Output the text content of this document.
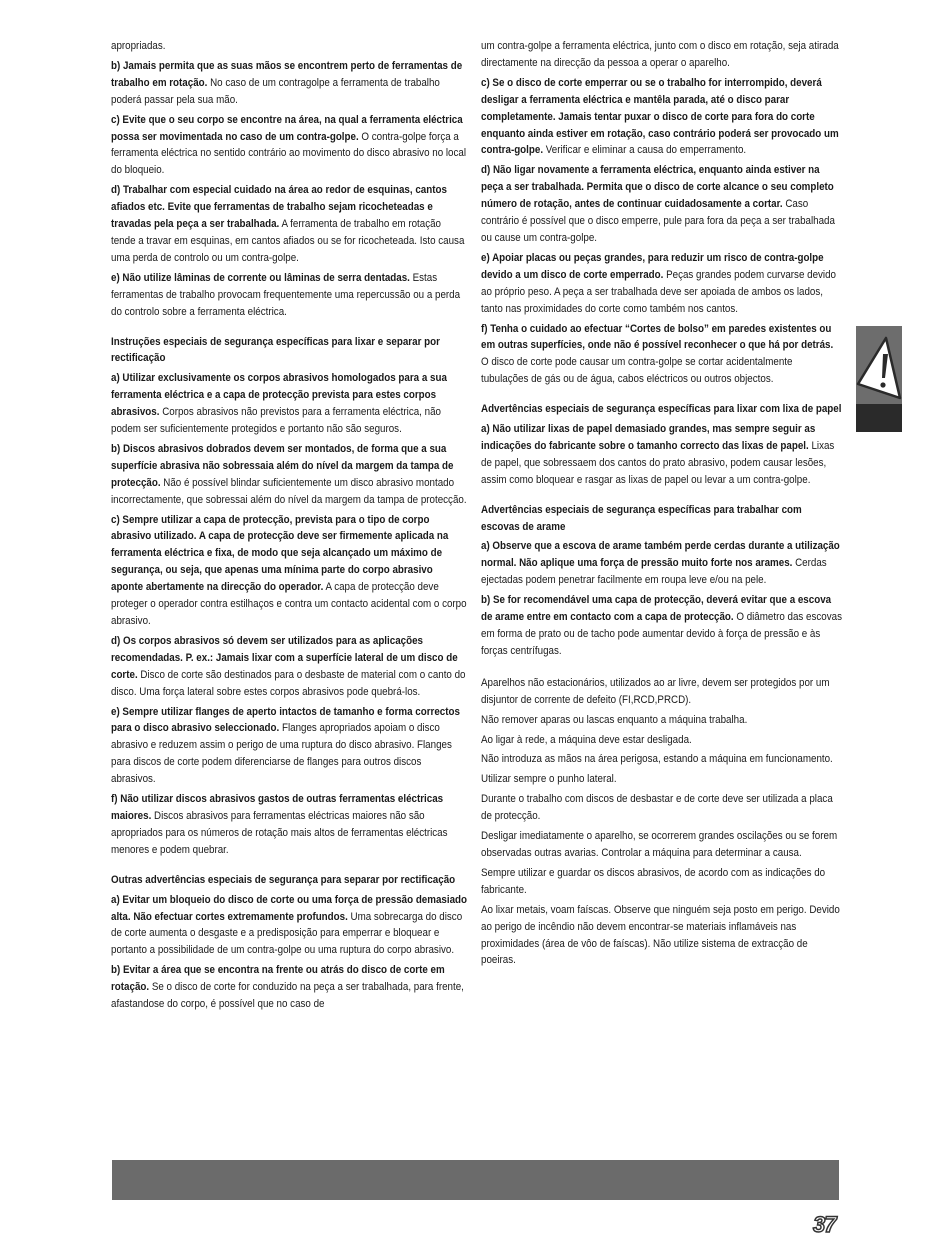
apropriadas.

b) Jamais permita que as suas mãos se encontrem perto de ferramentas de trabalho em rotação. No caso de um contragolpe a ferramenta de trabalho poderá passar pela sua mão.

c) Evite que o seu corpo se encontre na área, na qual a ferramenta eléctrica possa ser movimentada no caso de um contra-golpe. O contra-golpe força a ferramenta eléctrica no sentido contrário ao movimento do disco abrasivo no local do bloqueio.

d) Trabalhar com especial cuidado na área ao redor de esquinas, cantos afiados etc. Evite que ferramentas de trabalho sejam ricocheteadas e travadas pela peça a ser trabalhada. A ferramenta de trabalho em rotação tende a travar em esquinas, em cantos afiados ou se for ricocheteada. Isto causa uma perda de controlo ou um contra-golpe.

e) Não utilize lâminas de corrente ou lâminas de serra dentadas. Estas ferramentas de trabalho provocam frequentemente uma repercussão ou a perda do controlo sobre a ferramenta eléctrica.

Instruções especiais de segurança específicas para lixar e separar por rectificação

a) Utilizar exclusivamente os corpos abrasivos homologados para a sua ferramenta eléctrica e a capa de protecção prevista para estes corpos abrasivos. Corpos abrasivos não previstos para a ferramenta eléctrica, não podem ser suficientemente protegidos e portanto não são seguros.

b) Discos abrasivos dobrados devem ser montados, de forma que a sua superfície abrasiva não sobressaia além do nível da margem da tampa de protecção. Não é possível blindar suficientemente um disco abrasivo montado incorrectamente, que sobressai além do nível da margem da tampa de protecção.

c) Sempre utilizar a capa de protecção, prevista para o tipo de corpo abrasivo utilizado. A capa de protecção deve ser firmemente aplicada na ferramenta eléctrica e fixa, de modo que seja alcançado um máximo de segurança, ou seja, que apenas uma mínima parte do corpo abrasivo aponte abertamente na direcção do operador. A capa de protecção deve proteger o operador contra estilhaços e contra um contacto acidental com o corpo abrasivo.

d) Os corpos abrasivos só devem ser utilizados para as aplicações recomendadas. P. ex.: Jamais lixar com a superfície lateral de um disco de corte. Disco de corte são destinados para o desbaste de material com o canto do disco. Uma força lateral sobre estes corpos abrasivos pode quebrá-los.

e) Sempre utilizar flanges de aperto intactos de tamanho e forma correctos para o disco abrasivo seleccionado. Flanges apropriados apoiam o disco abrasivo e reduzem assim o perigo de uma ruptura do disco abrasivo. Flanges para discos de corte podem diferenciarse de flanges para outros discos abrasivos.

f) Não utilizar discos abrasivos gastos de outras ferramentas eléctricas maiores. Discos abrasivos para ferramentas eléctricas maiores não são apropriados para os números de rotação mais altos de ferramentas eléctricas menores e podem quebrar.

Outras advertências especiais de segurança para separar por rectificação

a) Evitar um bloqueio do disco de corte ou uma força de pressão demasiado alta. Não efectuar cortes extremamente profundos. Uma sobrecarga do disco de corte aumenta o desgaste e a predisposição para emperrar e bloquear e portanto a possibilidade de um contra-golpe ou uma ruptura do corpo abrasivo.

b) Evitar a área que se encontra na frente ou atrás do disco de corte em rotação. Se o disco de corte for conduzido na peça a ser trabalhada, para frente, afastandose do corpo, é possível que no caso de

um contra-golpe a ferramenta eléctrica, junto com o disco em rotação, seja atirada directamente na direcção da pessoa a operar o aparelho.

c) Se o disco de corte emperrar ou se o trabalho for interrompido, deverá desligar a ferramenta eléctrica e mantêla parada, até o disco parar completamente. Jamais tentar puxar o disco de corte para fora do corte enquanto ainda estiver em rotação, caso contrário poderá ser provocado um contra-golpe. Verificar e eliminar a causa do emperramento.

d) Não ligar novamente a ferramenta eléctrica, enquanto ainda estiver na peça a ser trabalhada. Permita que o disco de corte alcance o seu completo número de rotação, antes de continuar cuidadosamente a cortar. Caso contrário é possível que o disco emperre, pule para fora da peça a ser trabalhada ou cause um contra-golpe.

e) Apoiar placas ou peças grandes, para reduzir um risco de contra-golpe devido a um disco de corte emperrado. Peças grandes podem curvarse devido ao próprio peso. A peça a ser trabalhada deve ser apoiada de ambos os lados, tanto nas proximidades do corte como também nos cantos.

f) Tenha o cuidado ao efectuar “Cortes de bolso” em paredes existentes ou em outras superfícies, onde não é possível reconhecer o que há por detrás. O disco de corte pode causar um contra-golpe se cortar acidentalmente tubulações de gás ou de água, cabos eléctricos ou outros objectos.

Advertências especiais de segurança específicas para lixar com lixa de papel

a) Não utilizar lixas de papel demasiado grandes, mas sempre seguir as indicações do fabricante sobre o tamanho correcto das lixas de papel. Lixas de papel, que sobressaem dos cantos do prato abrasivo, podem causar lesões, assim como bloquear e rasgar as lixas de papel ou levar a um contra-golpe.

Advertências especiais de segurança específicas para trabalhar com escovas de arame

a) Observe que a escova de arame também perde cerdas durante a utilização normal. Não aplique uma força de pressão muito forte nos arames. Cerdas ejectadas podem penetrar facilmente em roupa leve e/ou na pele.

b) Se for recomendável uma capa de protecção, deverá evitar que a escova de arame entre em contacto com a capa de protecção. O diâmetro das escovas em forma de prato ou de tacho pode aumentar devido à força de pressão e às forças centrífugas.

Aparelhos não estacionários, utilizados ao ar livre, devem ser protegidos por um disjuntor de corrente de defeito (FI,RCD,PRCD).

Não remover aparas ou lascas enquanto a máquina trabalha.

Ao ligar à rede, a máquina deve estar desligada.

Não introduza as mãos na área perigosa, estando a máquina em funcionamento.

Utilizar sempre o punho lateral.

Durante o trabalho com discos de desbastar e de corte deve ser utilizada a placa de protecção.

Desligar imediatamente o aparelho, se ocorrerem grandes oscilações ou se forem observadas outras avarias. Controlar a máquina para determinar a causa.

Sempre utilizar e guardar os discos abrasivos, de acordo com as indicações do fabricante.

Ao lixar metais, voam faíscas. Observe que ninguém seja posto em perigo. Devido ao perigo de incêndio não devem encontrar-se materiais inflamáveis nas proximidades (área de vôo de faíscas). Não utilize sistema de extracção de poeiras.

37
